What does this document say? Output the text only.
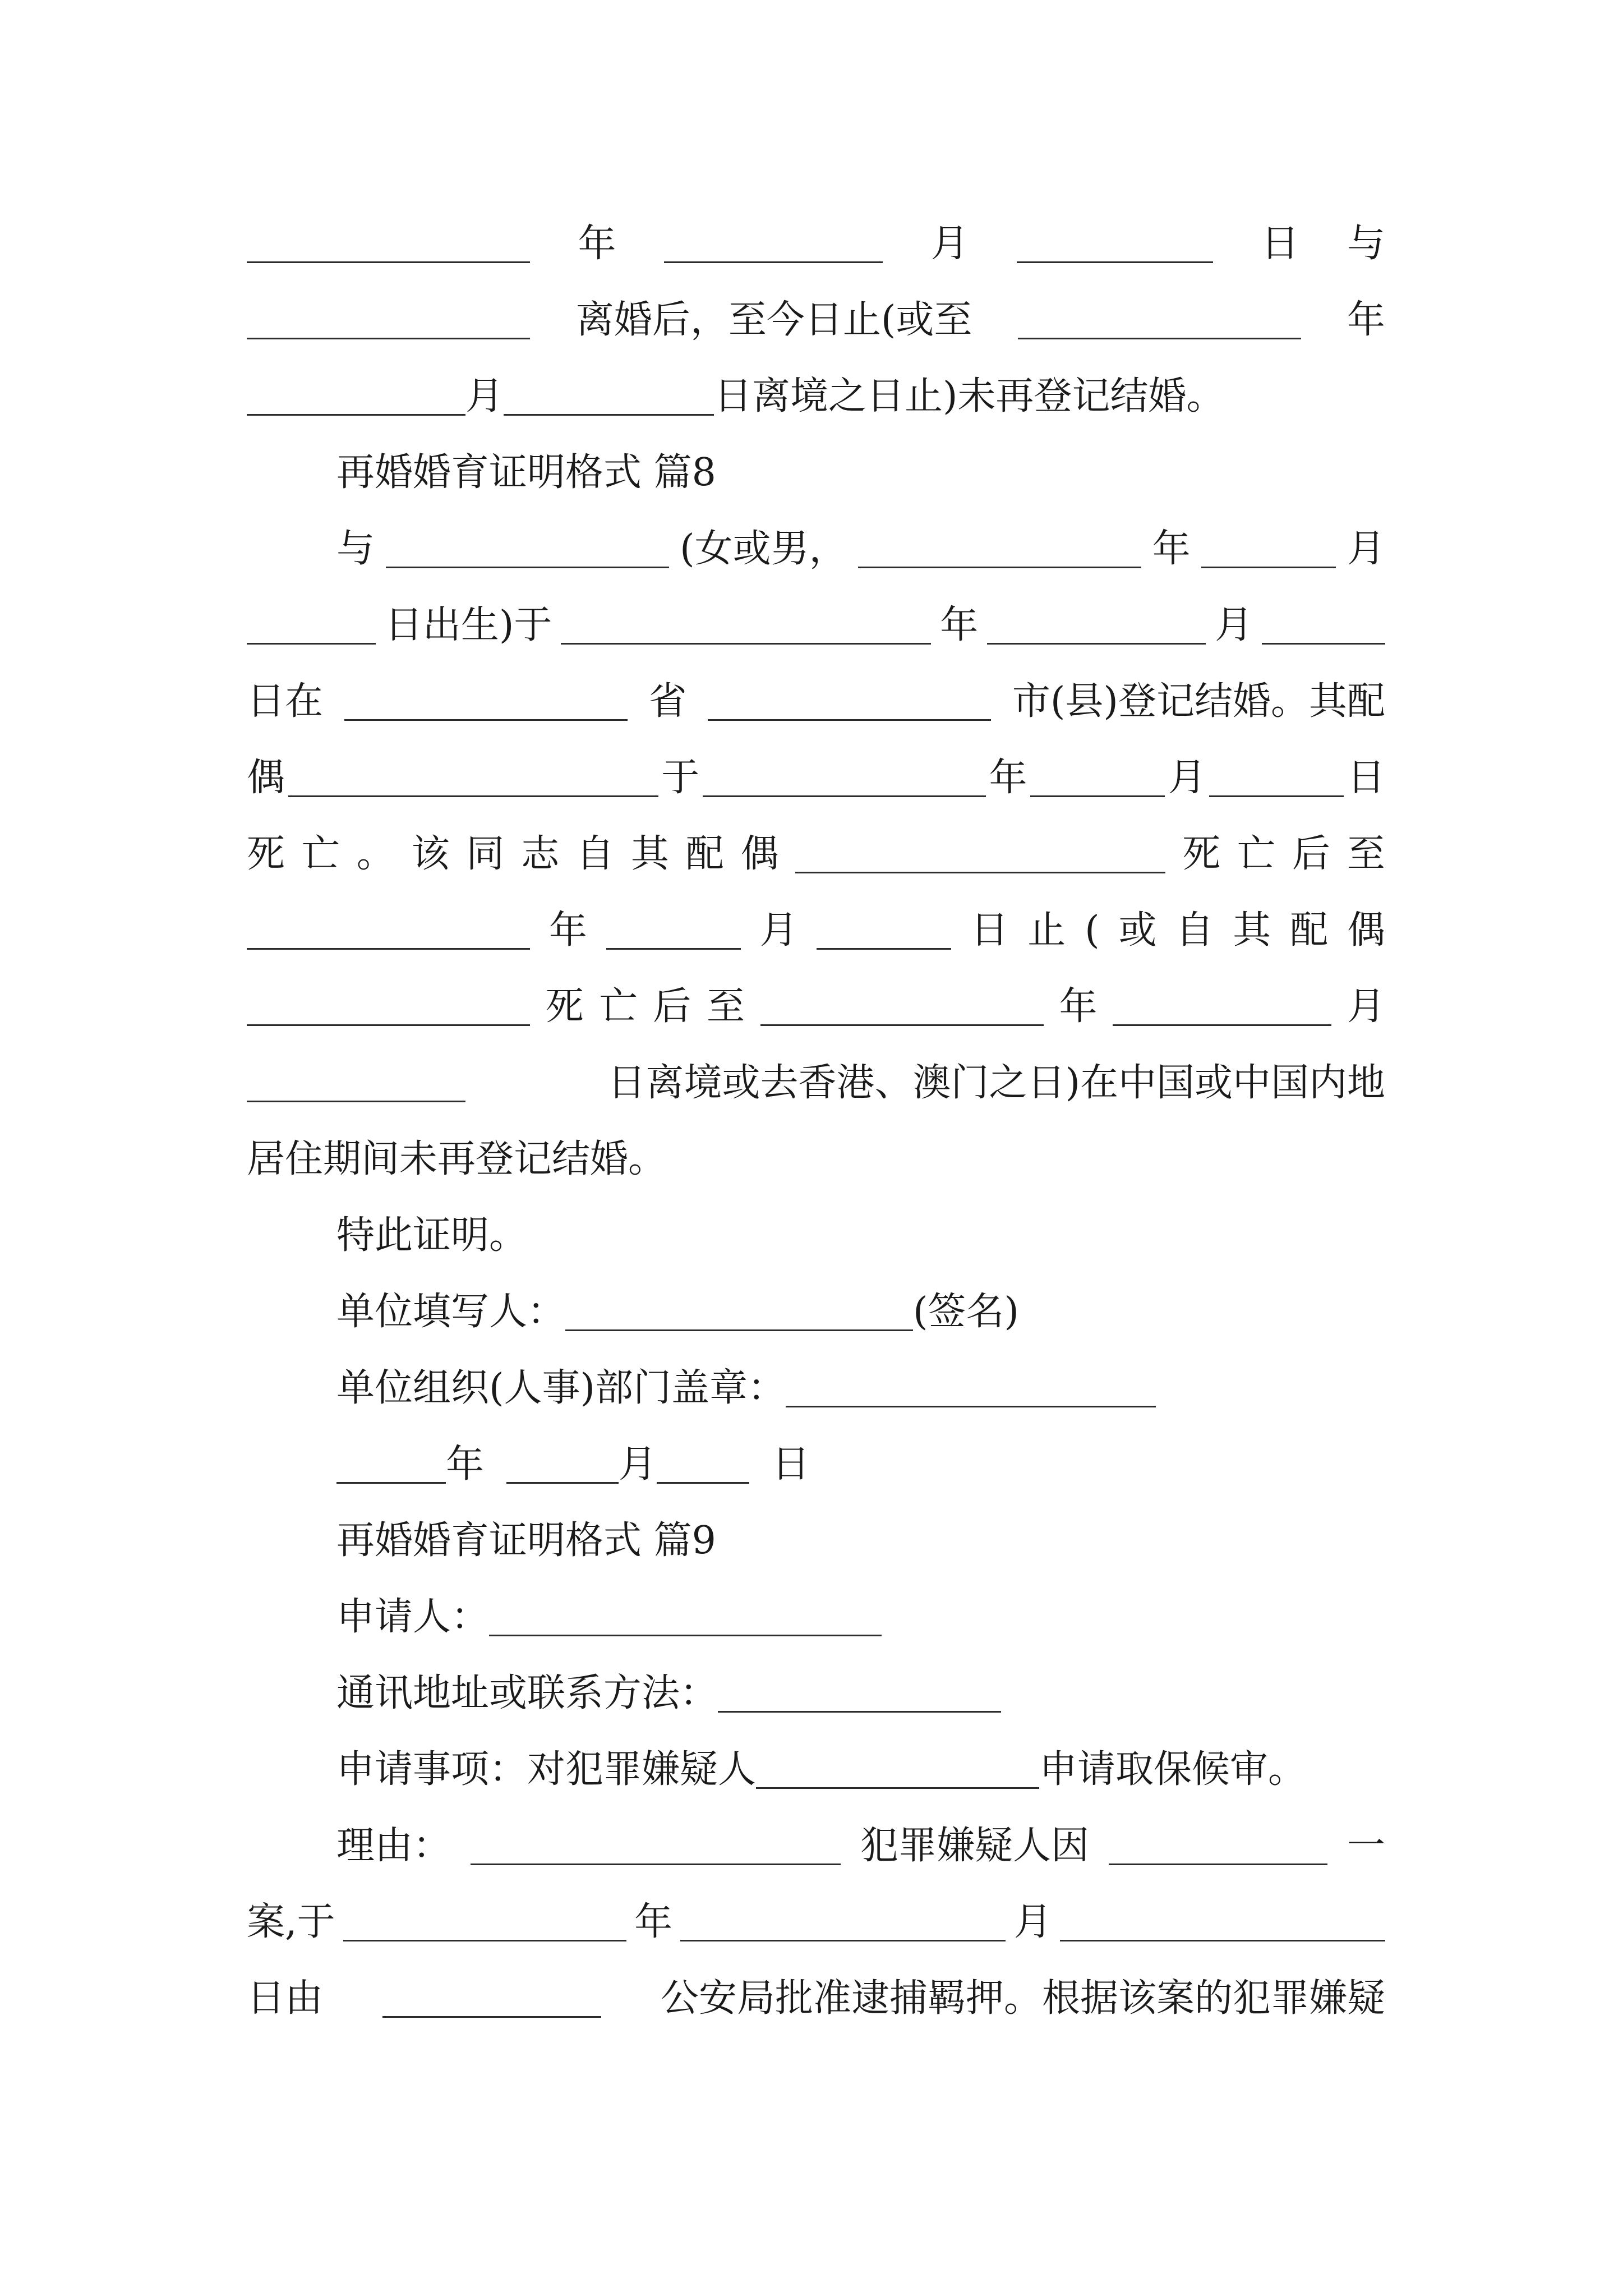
年	月	日 与
离婚后，至今日止(或至	年
月	日离境之日止)未再登记结婚。
再婚婚育证明格式 篇8
与	(女或男，	年	月
日出生)于	年	月
日在	省	市(县)登记结婚。其配
偶	于	年	月	日
死 亡 。 该 同 志 自 其 配 偶	死 亡 后 至
年	月	日 止 ( 或 自 其 配 偶
死 亡 后 至	年	月
日离境或去香港、澳门之日)在中国或中国内地
居住期间未再登记结婚。
特此证明。
单位填写人：	(签名)
单位组织(人事)部门盖章：
年	月	日
再婚婚育证明格式 篇9
申请人：
通讯地址或联系方法：
申请事项：对犯罪嫌疑人	申请取保候审。
理由：	犯罪嫌疑人因	一
案,于	年	月
日由	公安局批准逮捕羁押。根据该案的犯罪嫌疑
